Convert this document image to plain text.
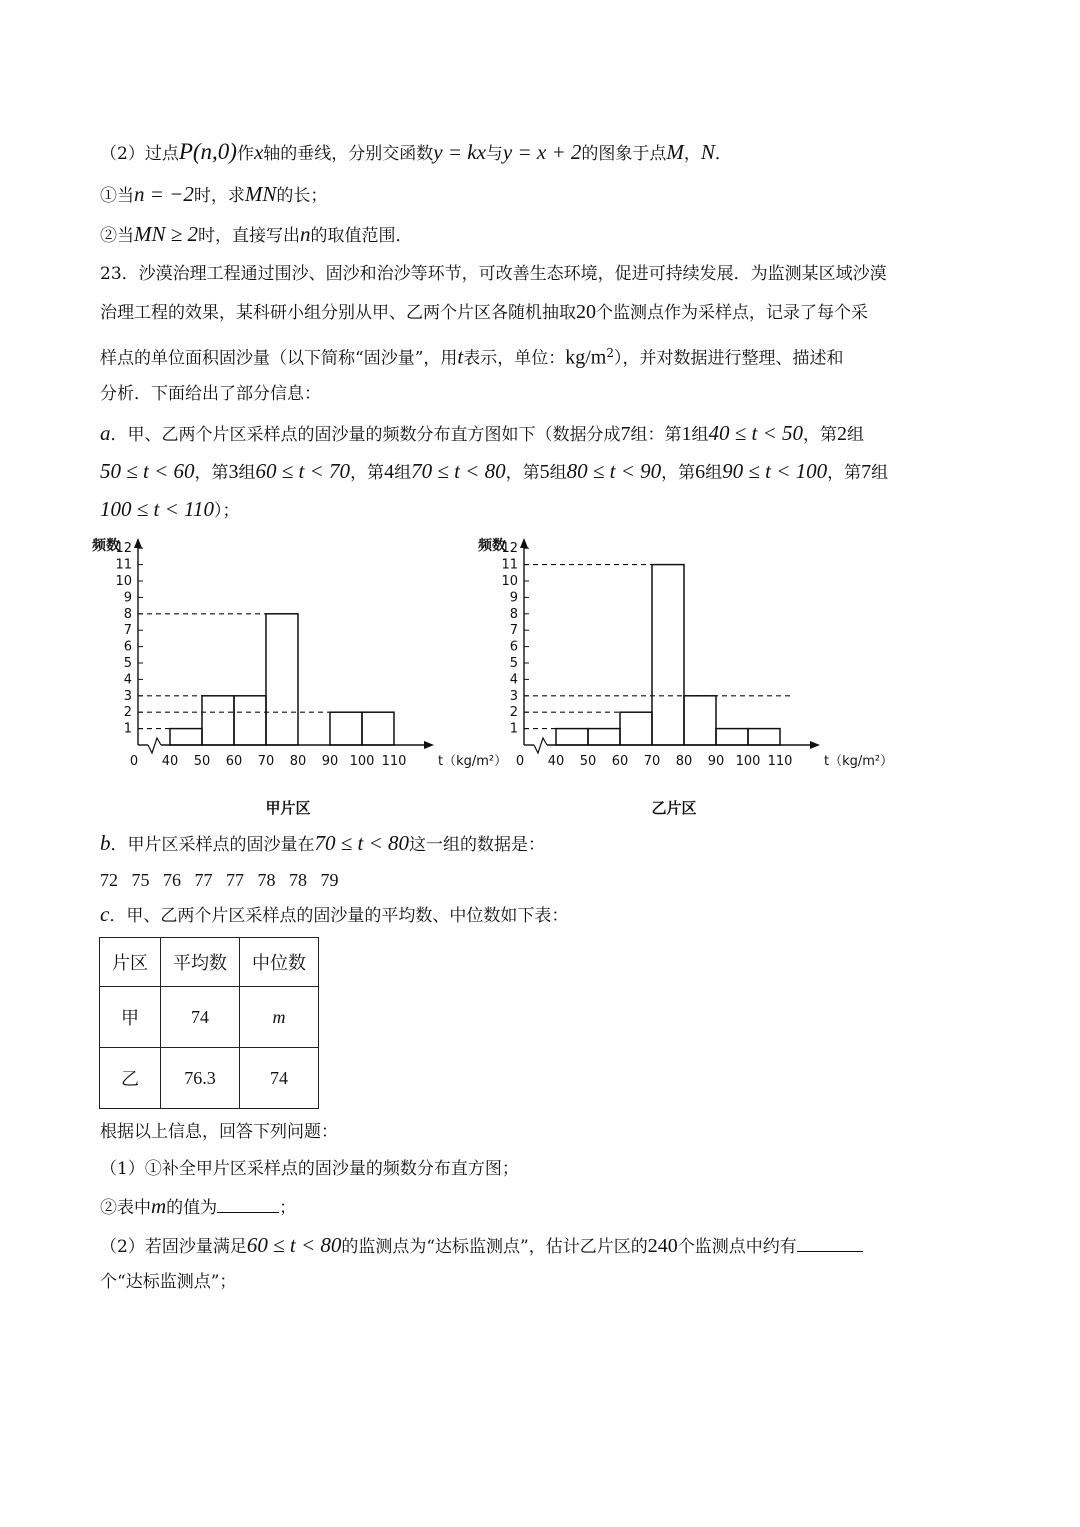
（2）过点P(n,0)作x轴的垂线，分别交函数y = kx与y = x + 2的图象于点M，N．
①当n = −2时，求MN的长；
②当MN ≥ 2时，直接写出n的取值范围．
23．沙漠治理工程通过围沙、固沙和治沙等环节，可改善生态环境，促进可持续发展．为监测某区域沙漠
治理工程的效果，某科研小组分别从甲、乙两个片区各随机抽取20个监测点作为采样点，记录了每个采
样点的单位面积固沙量（以下简称“固沙量”，用t表示，单位：$kg/m^2$），并对数据进行整理、描述和
分析．下面给出了部分信息：
a．甲、乙两个片区采样点的固沙量的频数分布直方图如下（数据分成7组：第1组40 ≤ t < 50，第2组
50 ≤ t < 60，第3组60 ≤ t < 70，第4组70 ≤ t < 80，第5组80 ≤ t < 90，第6组90 ≤ t < 100，第7组
100 ≤ t < 110）；
1
2
3
4
5
6
7
8
9
10
11
12
频数
0 40 50 60 70 80 90 100 110 t（kg/m²）
甲片区
1
2
3
4
5
6
7
8
9
10
11
12
频数
0 40 50 60 70 80 90 100 110 t（kg/m²）
乙片区
b．甲片区采样点的固沙量在70 ≤ t < 80这一组的数据是：
72   75   76   77   77   78   78   79
c．甲、乙两个片区采样点的固沙量的平均数、中位数如下表：
片区	平均数	中位数
甲	74	m
乙	76.3	74
根据以上信息，回答下列问题：
（1）①补全甲片区采样点的固沙量的频数分布直方图；
②表中m的值为	；
（2）若固沙量满足60 ≤ t < 80的监测点为“达标监测点”，估计乙片区的240个监测点中约有
个“达标监测点”；
